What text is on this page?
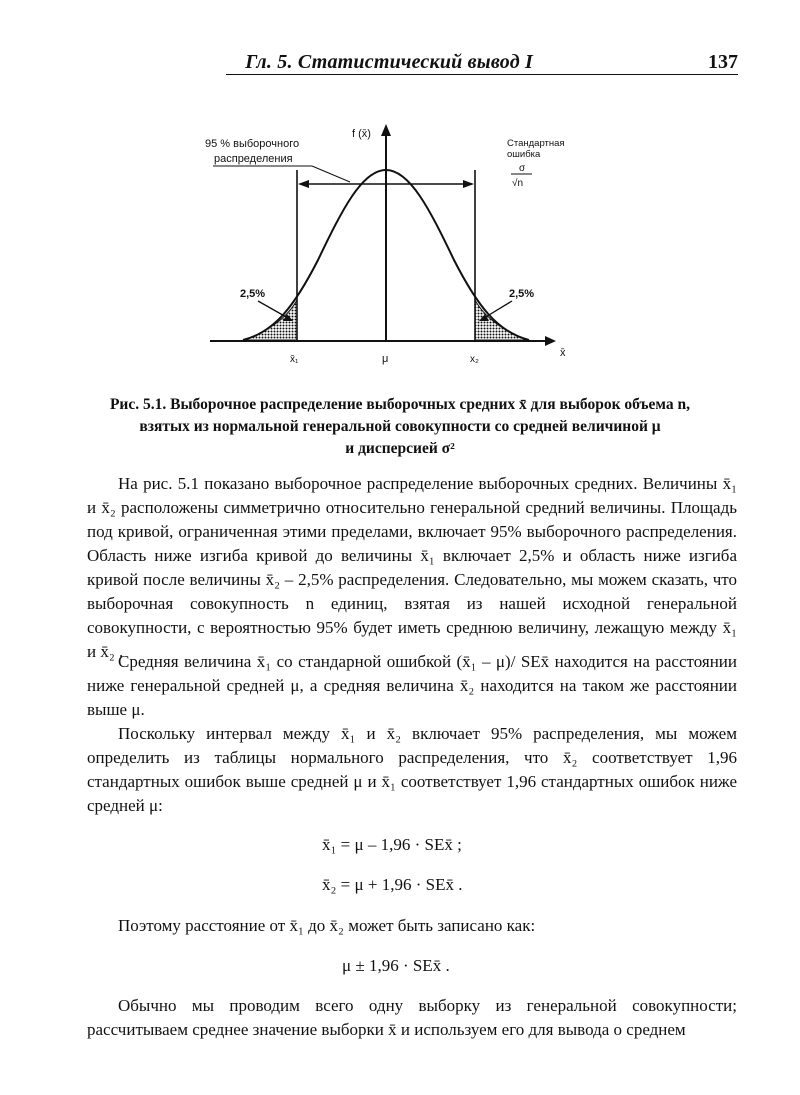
Гл. 5. Статистический вывод I	137
95 % выборочного
распределения
f (x̄)
Стандартная
ошибка
σ
√n
2,5%	2,5%
x̄₁	μ	x₂
x̄
Рис. 5.1. Выборочное распределение выборочных средних x̄ для выборок объема n,
взятых из нормальной генеральной совокупности со средней величиной μ
и дисперсией σ²
На рис. 5.1 показано выборочное распределение выборочных средних. Величины x̄₁ и x̄₂ расположены симметрично относительно генеральной средний величины. Площадь под кривой, ограниченная этими пределами, включает 95% выборочного распределения. Область ниже изгиба кривой до величины x̄₁ включает 2,5% и область ниже изгиба кривой после величины x̄₂ – 2,5% распределения. Следовательно, мы можем сказать, что выборочная совокупность n единиц, взятая из нашей исходной генеральной совокупности, с вероятностью 95% будет иметь среднюю величину, лежащую между x̄₁ и x̄₂ .
Средняя величина x̄₁ со стандарной ошибкой (x̄₁ – μ)/ SEx̄ находится на расстоянии ниже генеральной средней μ, а средняя величина x̄₂ находится на таком же расстоянии выше μ.
Поскольку интервал между x̄₁ и x̄₂ включает 95% распределения, мы можем определить из таблицы нормального распределения, что x̄₂ соответствует 1,96 стандартных ошибок выше средней μ и x̄₁ соответствует 1,96 стандартных ошибок ниже средней μ:
x̄₁ = μ – 1,96 · SEx̄ ;
x̄₂ = μ + 1,96 · SEx̄ .
Поэтому расстояние от x̄₁ до x̄₂ может быть записано как:
μ ± 1,96 · SEx̄ .
Обычно мы проводим всего одну выборку из генеральной совокупности; рассчитываем среднее значение выборки x̄ и используем его для вывода о среднем
